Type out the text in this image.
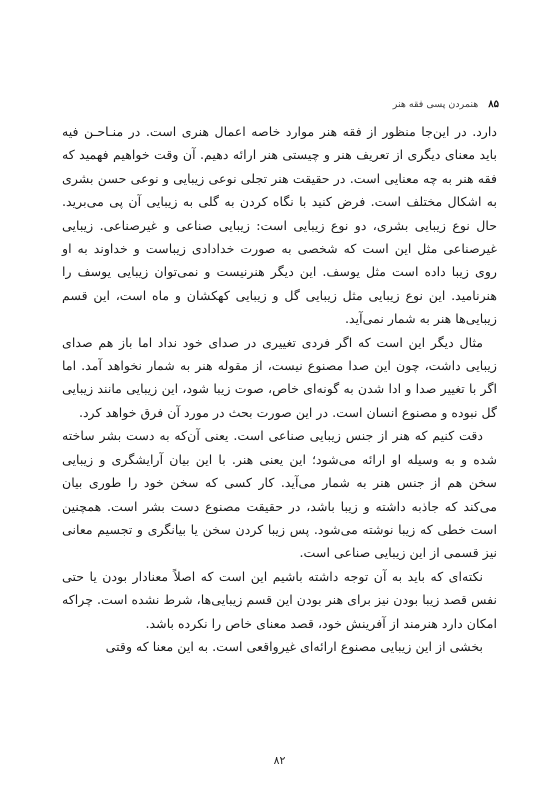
۸۵
هنمردن پسی فقه هنر

دارد. در این‌جا منظور از فقه هنر موارد خاصه اعمال هنری است. در منـاحـن فیه باید معنای دیگری از تعریف هنر و چیستی هنر ارائه دهیم. آن وقت خواهیم فهمید که فقه هنر به چه معنایی است. در حقیقت هنر تجلی نوعی زیبایی و نوعی حسن بشری به اشکال مختلف است. فرض کنید با نگاه کردن به گلی به زیبایی آن پی می‌برید. حال نوع زیبایی بشری، دو نوع زیبایی است: زیبایی صناعی و غیرصناعی. زیبایی غیرصناعی مثل این است که شخصی به صورت خدادادی زیباست و خداوند به او روی زیبا داده است مثل یوسف. این دیگر هنرنیست و نمی‌توان زیبایی یوسف را هنرنامید. این نوع زیبایی مثل زیبایی گل و زیبایی کهکشان و ماه است، این قسم زیبایی‌ها هنر به شمار نمی‌آید.

مثال دیگر این است که اگر فردی تغییری در صدای خود نداد اما باز هم صدای زیبایی داشت، چون این صدا مصنوع نیست، از مقوله هنر به شمار نخواهد آمد. اما اگر با تغییر صدا و ادا شدن به گونه‌ای خاص، صوت زیبا شود، این زیبایی مانند زیبایی گل نبوده و مصنوع انسان است. در این صورت بحث در مورد آن فرق خواهد کرد.

دقت کنیم که هنر از جنس زیبایی صناعی است. یعنی آن‌که به دست بشر ساخته شده و به وسیله او ارائه می‌شود؛ این یعنی هنر. با این بیان آرایشگری و زیبایی سخن هم از جنس هنر به شمار می‌آید. کار کسی که سخن خود را طوری بیان می‌کند که جاذبه داشته و زیبا باشد، در حقیقت مصنوع دست بشر است. همچنین است خطی که زیبا نوشته می‌شود. پس زیبا کردن سخن یا بیانگری و تجسیم معانی نیز قسمی از این زیبایی صناعی است.

نکته‌ای که باید به آن توجه داشته باشیم این است که اصلاً معنادار بودن یا حتی نفس قصد زیبا بودن نیز برای هنر بودن این قسم زیبایی‌ها، شرط نشده است. چراکه امکان دارد هنرمند از آفرینش خود، قصد معنای خاص را نکرده باشد.

بخشی از این زیبایی مصنوع ارائه‌ای غیرواقعی است. به این معنا که وقتی

۸۲
